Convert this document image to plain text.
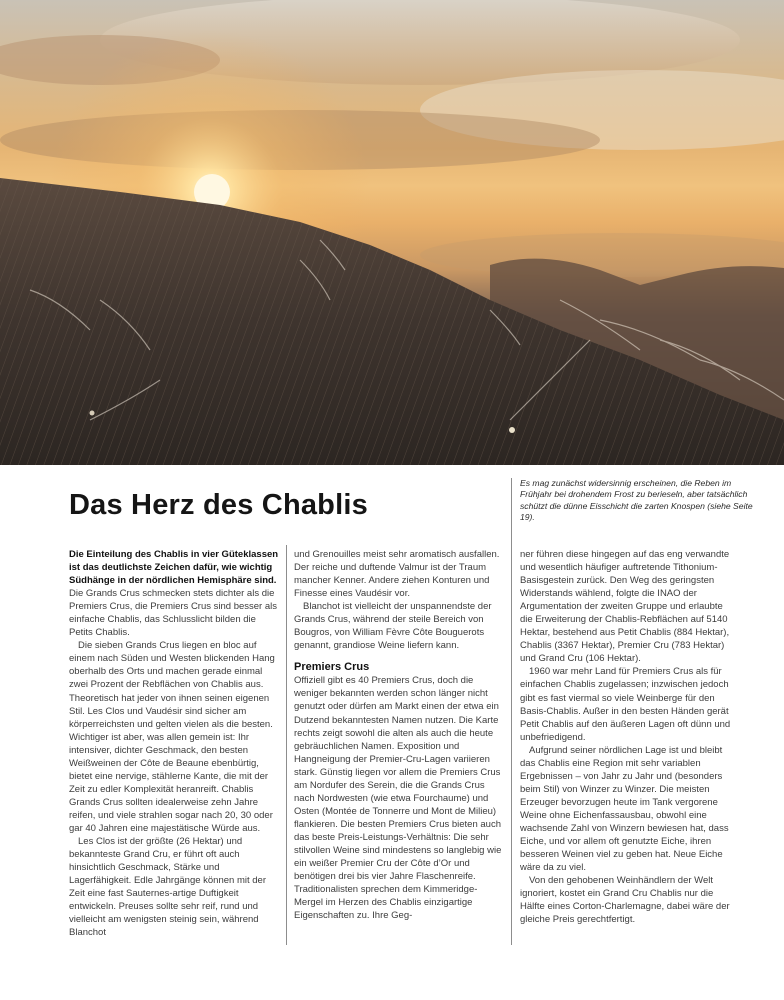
Das Herz des Chablis
Es mag zunächst widersinnig erscheinen, die Reben im Frühjahr bei drohendem Frost zu berieseln, aber tatsächlich schützt die dünne Eisschicht die zarten Knospen (siehe Seite 19).

Die Einteilung des Chablis in vier Güteklassen ist das deutlichste Zeichen dafür, wie wichtig Südhänge in der nördlichen Hemisphäre sind. Die Grands Crus schmecken stets dichter als die Premiers Crus, die Premiers Crus sind besser als einfache Chablis, das Schlusslicht bilden die Petits Chablis.

Die sieben Grands Crus liegen en bloc auf einem nach Süden und Westen blickenden Hang oberhalb des Orts und machen gerade einmal zwei Prozent der Rebflächen von Chablis aus. Theoretisch hat jeder von ihnen seinen eigenen Stil. Les Clos und Vaudésir sind sicher am körperreichsten und gelten vielen als die besten. Wichtiger ist aber, was allen gemein ist: Ihr intensiver, dichter Geschmack, den besten Weißweinen der Côte de Beaune ebenbürtig, bietet eine nervige, stählerne Kante, die mit der Zeit zu edler Komplexität heranreift. Chablis Grands Crus sollten idealerweise zehn Jahre reifen, und viele strahlen sogar nach 20, 30 oder gar 40 Jahren eine majestätische Würde aus.

Les Clos ist der größte (26 Hektar) und bekannteste Grand Cru, er führt oft auch hinsichtlich Geschmack, Stärke und Lagerfähigkeit. Edle Jahrgänge können mit der Zeit eine fast Sauternes-artige Duftigkeit entwickeln. Preuses sollte sehr reif, rund und vielleicht am wenigsten steinig sein, während Blanchot

und Grenouilles meist sehr aromatisch ausfallen. Der reiche und duftende Valmur ist der Traum mancher Kenner. Andere ziehen Konturen und Finesse eines Vaudésir vor.

Blanchot ist vielleicht der unspannendste der Grands Crus, während der steile Bereich von Bougros, von William Fèvre Côte Bouguerots genannt, grandiose Weine liefern kann.

Premiers Crus

Offiziell gibt es 40 Premiers Crus, doch die weniger bekannten werden schon länger nicht genutzt oder dürfen am Markt einen der etwa ein Dutzend bekanntesten Namen nutzen. Die Karte rechts zeigt sowohl die alten als auch die heute gebräuchlichen Namen. Exposition und Hangneigung der Premier-Cru-Lagen variieren stark. Günstig liegen vor allem die Premiers Crus am Nordufer des Serein, die die Grands Crus nach Nordwesten (wie etwa Fourchaume) und Osten (Montée de Tonnerre und Mont de Milieu) flankieren. Die besten Premiers Crus bieten auch das beste Preis-Leistungs-Verhältnis: Die sehr stilvollen Weine sind mindestens so langlebig wie ein weißer Premier Cru der Côte d’Or und benötigen drei bis vier Jahre Flaschenreife. Traditionalisten sprechen dem Kimmeridge-Mergel im Herzen des Chablis einzigartige Eigenschaften zu. Ihre Geg-

ner führen diese hingegen auf das eng verwandte und wesentlich häufiger auftretende Tithonium-Basisgestein zurück. Den Weg des geringsten Widerstands wählend, folgte die INAO der Argumentation der zweiten Gruppe und erlaubte die Erweiterung der Chablis-Rebflächen auf 5140 Hektar, bestehend aus Petit Chablis (884 Hektar), Chablis (3367 Hektar), Premier Cru (783 Hektar) und Grand Cru (106 Hektar).

1960 war mehr Land für Premiers Crus als für einfachen Chablis zugelassen; inzwischen jedoch gibt es fast viermal so viele Weinberge für den Basis-Chablis. Außer in den besten Händen gerät Petit Chablis auf den äußeren Lagen oft dünn und unbefriedigend.

Aufgrund seiner nördlichen Lage ist und bleibt das Chablis eine Region mit sehr variablen Ergebnissen – von Jahr zu Jahr und (besonders beim Stil) von Winzer zu Winzer. Die meisten Erzeuger bevorzugen heute im Tank vergorene Weine ohne Eichenfassausbau, obwohl eine wachsende Zahl von Winzern bewiesen hat, dass Eiche, und vor allem oft genutzte Eiche, ihren besseren Weinen viel zu geben hat. Neue Eiche wäre da zu viel.

Von den gehobenen Weinhändlern der Welt ignoriert, kostet ein Grand Cru Chablis nur die Hälfte eines Corton-Charlemagne, dabei wäre der gleiche Preis gerechtfertigt.
